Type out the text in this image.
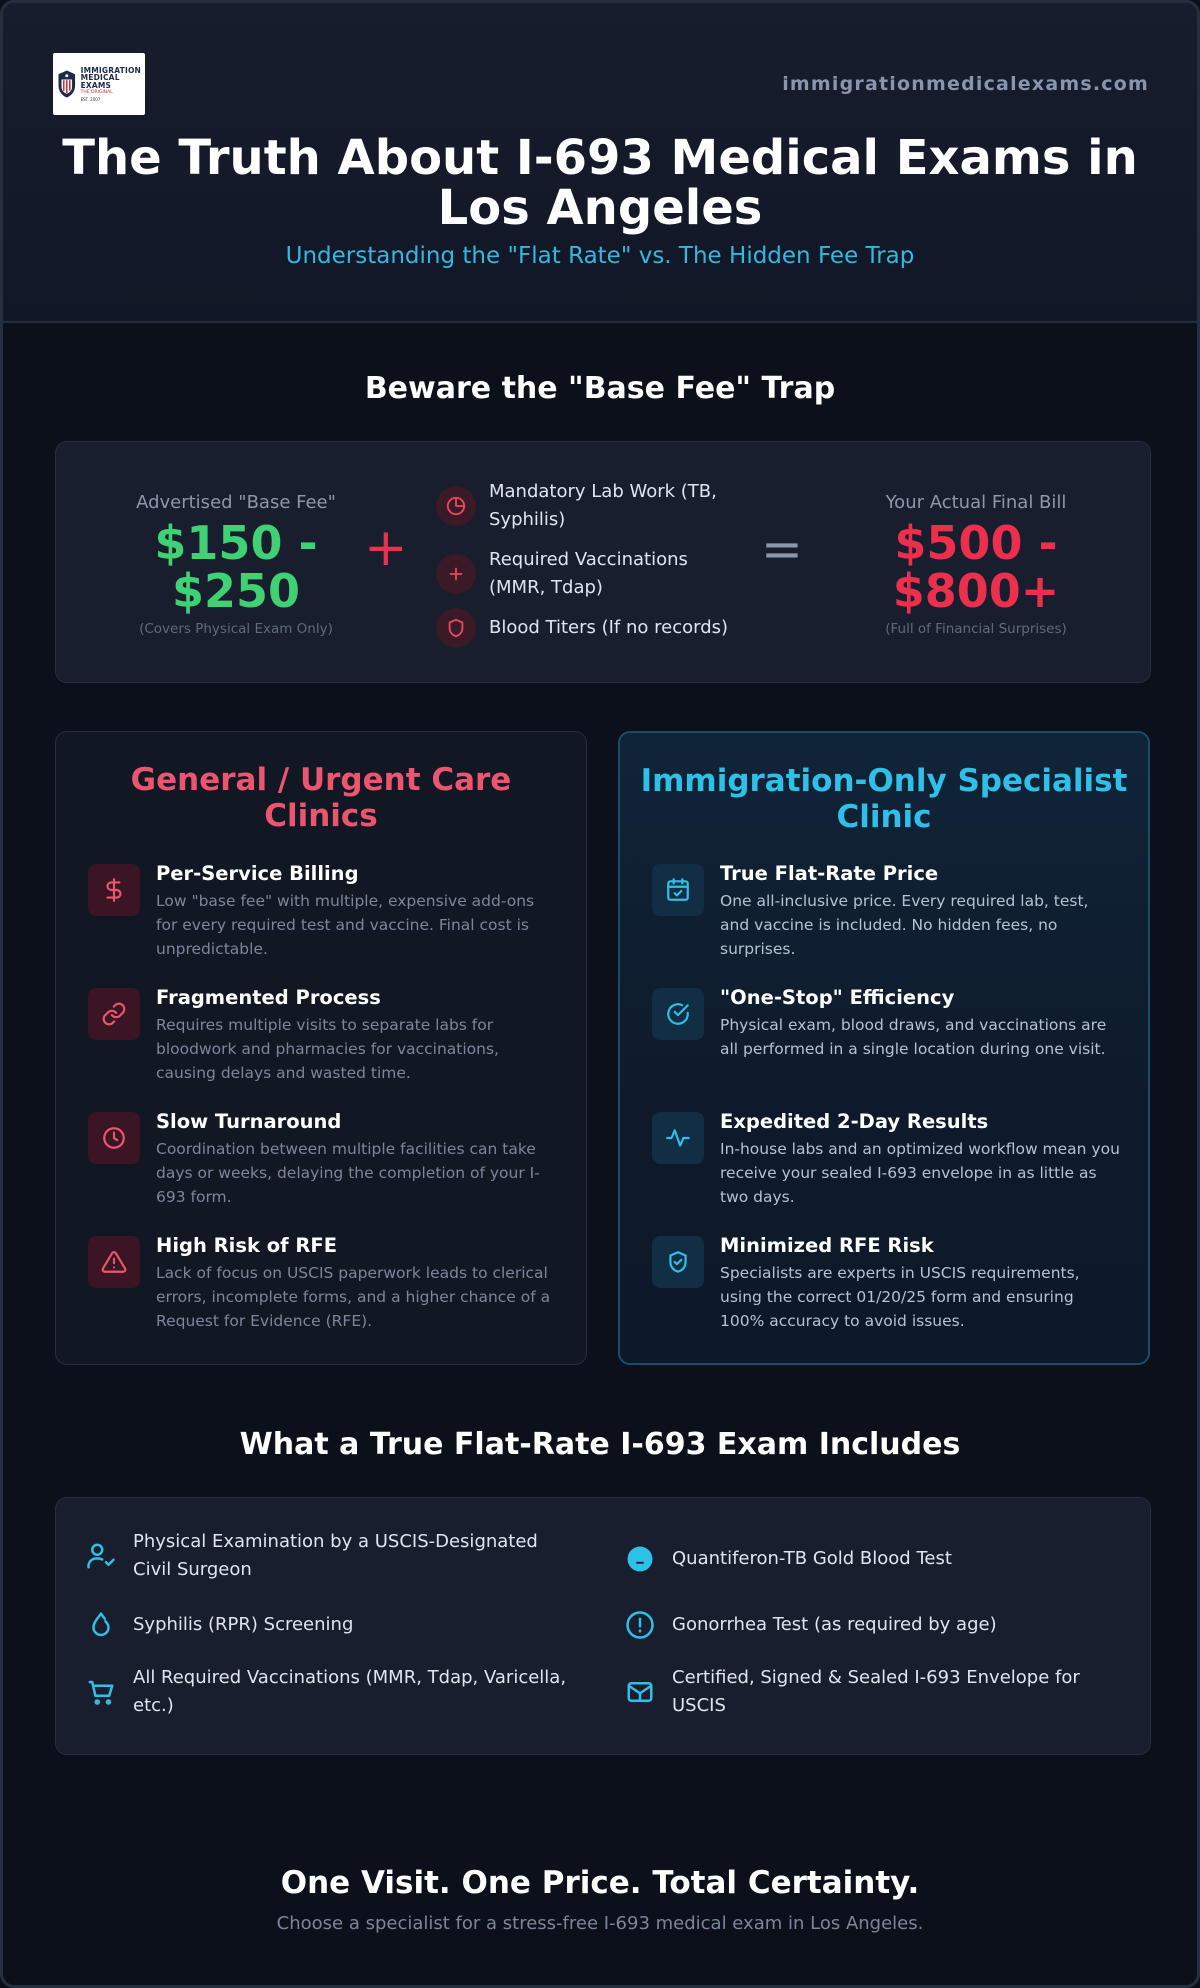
IMMIGRATION
MEDICAL EXAMS
THE ORIGINAL
EST. 2007
immigrationmedicalexams.com
The Truth About I-693 Medical Exams in Los Angeles
Understanding the "Flat Rate" vs. The Hidden Fee Trap
Beware the "Base Fee" Trap
Advertised "Base Fee"
$150 - $250
(Covers Physical Exam Only)
+
Mandatory Lab Work (TB, Syphilis)
Required Vaccinations (MMR, Tdap)
Blood Titers (If no records)
=
Your Actual Final Bill
$500 - $800+
(Full of Financial Surprises)
General / Urgent Care Clinics
Per-Service Billing
Low "base fee" with multiple, expensive add-ons for every required test and vaccine. Final cost is unpredictable.
Fragmented Process
Requires multiple visits to separate labs for bloodwork and pharmacies for vaccinations, causing delays and wasted time.
Slow Turnaround
Coordination between multiple facilities can take days or weeks, delaying the completion of your I-693 form.
High Risk of RFE
Lack of focus on USCIS paperwork leads to clerical errors, incomplete forms, and a higher chance of a Request for Evidence (RFE).
Immigration-Only Specialist Clinic
True Flat-Rate Price
One all-inclusive price. Every required lab, test, and vaccine is included. No hidden fees, no surprises.
"One-Stop" Efficiency
Physical exam, blood draws, and vaccinations are all performed in a single location during one visit.
Expedited 2-Day Results
In-house labs and an optimized workflow mean you receive your sealed I-693 envelope in as little as two days.
Minimized RFE Risk
Specialists are experts in USCIS requirements, using the correct 01/20/25 form and ensuring 100% accuracy to avoid issues.
What a True Flat-Rate I-693 Exam Includes
Physical Examination by a USCIS-Designated Civil Surgeon
Quantiferon-TB Gold Blood Test
Syphilis (RPR) Screening	Gonorrhea Test (as required by age)
All Required Vaccinations (MMR, Tdap, Varicella, etc.)
Certified, Signed & Sealed I-693 Envelope for USCIS
One Visit. One Price. Total Certainty.
Choose a specialist for a stress-free I-693 medical exam in Los Angeles.
